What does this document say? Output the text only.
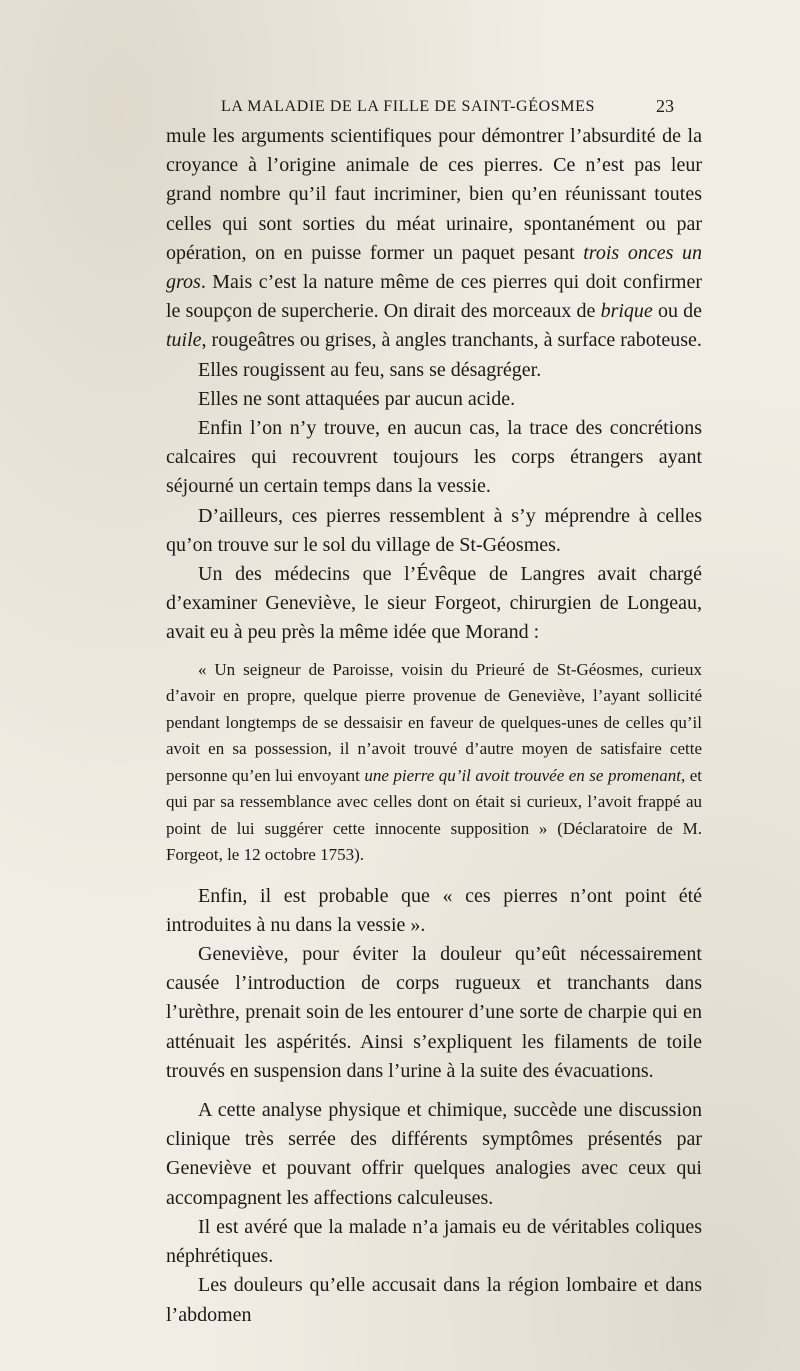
LA MALADIE DE LA FILLE DE SAINT-GÉOSMES	23

mule les arguments scientifiques pour démontrer l’absurdité de la croyance à l’origine animale de ces pierres. Ce n’est pas leur grand nombre qu’il faut incriminer, bien qu’en réunissant toutes celles qui sont sorties du méat urinaire, spontanément ou par opération, on en puisse former un paquet pesant trois onces un gros. Mais c’est la nature même de ces pierres qui doit confirmer le soupçon de supercherie. On dirait des morceaux de brique ou de tuile, rougeâtres ou grises, à angles tranchants, à surface raboteuse.

Elles rougissent au feu, sans se désagréger.

Elles ne sont attaquées par aucun acide.

Enfin l’on n’y trouve, en aucun cas, la trace des concrétions calcaires qui recouvrent toujours les corps étrangers ayant séjourné un certain temps dans la vessie.

D’ailleurs, ces pierres ressemblent à s’y méprendre à celles qu’on trouve sur le sol du village de St-Géosmes.

Un des médecins que l’Évêque de Langres avait chargé d’examiner Geneviève, le sieur Forgeot, chirurgien de Longeau, avait eu à peu près la même idée que Morand :

« Un seigneur de Paroisse, voisin du Prieuré de St-Géosmes, curieux d’avoir en propre, quelque pierre provenue de Geneviève, l’ayant sollicité pendant longtemps de se dessaisir en faveur de quelques-unes de celles qu’il avoit en sa possession, il n’avoit trouvé d’autre moyen de satisfaire cette personne qu’en lui envoyant une pierre qu’il avoit trouvée en se promenant, et qui par sa ressemblance avec celles dont on était si curieux, l’avoit frappé au point de lui suggérer cette innocente supposition » (Déclaratoire de M. Forgeot, le 12 octobre 1753).

Enfin, il est probable que « ces pierres n’ont point été introduites à nu dans la vessie ».

Geneviève, pour éviter la douleur qu’eût nécessairement causée l’introduction de corps rugueux et tranchants dans l’urèthre, prenait soin de les entourer d’une sorte de charpie qui en atténuait les aspérités. Ainsi s’expliquent les filaments de toile trouvés en suspension dans l’urine à la suite des évacuations.

A cette analyse physique et chimique, succède une discussion clinique très serrée des différents symptômes présentés par Geneviève et pouvant offrir quelques analogies avec ceux qui accompagnent les affections calculeuses.

Il est avéré que la malade n’a jamais eu de véritables coliques néphrétiques.

Les douleurs qu’elle accusait dans la région lombaire et dans l’abdomen
